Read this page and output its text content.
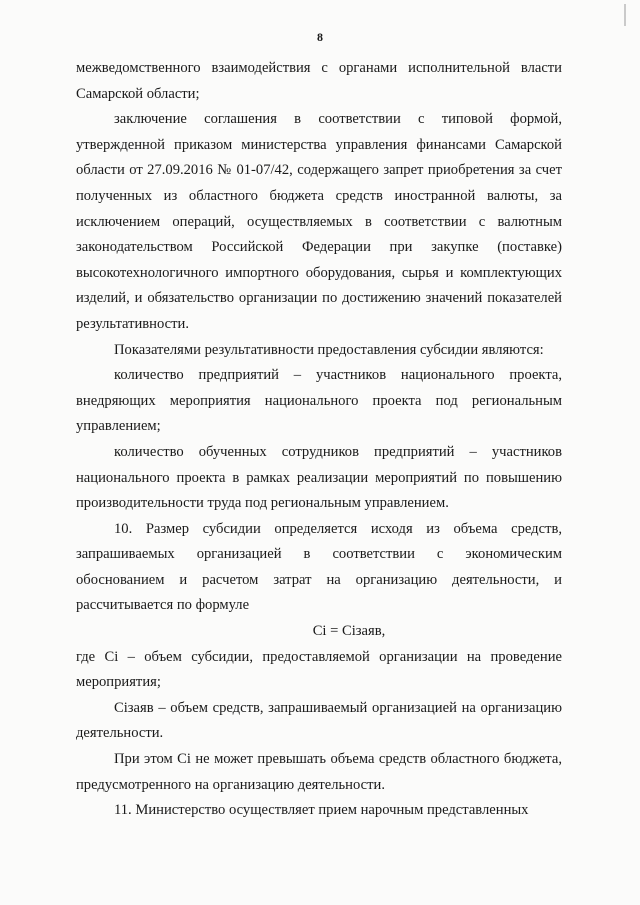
8

межведомственного взаимодействия с органами исполнительной власти Самарской области;

заключение соглашения в соответствии с типовой формой, утвержденной приказом министерства управления финансами Самарской области от 27.09.2016 № 01-07/42, содержащего запрет приобретения за счет полученных из областного бюджета средств иностранной валюты, за исключением операций, осуществляемых в соответствии с валютным законодательством Российской Федерации при закупке (поставке) высокотехнологичного импортного оборудования, сырья и комплектующих изделий, и обязательство организации по достижению значений показателей результативности.

Показателями результативности предоставления субсидии являются:

количество предприятий – участников национального проекта, внедряющих мероприятия национального проекта под региональным управлением;

количество обученных сотрудников предприятий – участников национального проекта в рамках реализации мероприятий по повышению производительности труда под региональным управлением.

10. Размер субсидии определяется исходя из объема средств, запрашиваемых организацией в соответствии с экономическим обоснованием и расчетом затрат на организацию деятельности, и рассчитывается по формуле

Сi = Сiзаяв,

где Сi – объем субсидии, предоставляемой организации на проведение мероприятия;

Сiзаяв – объем средств, запрашиваемый организацией на организацию деятельности.

При этом Сi не может превышать объема средств областного бюджета, предусмотренного на организацию деятельности.

11. Министерство осуществляет прием нарочным представленных
